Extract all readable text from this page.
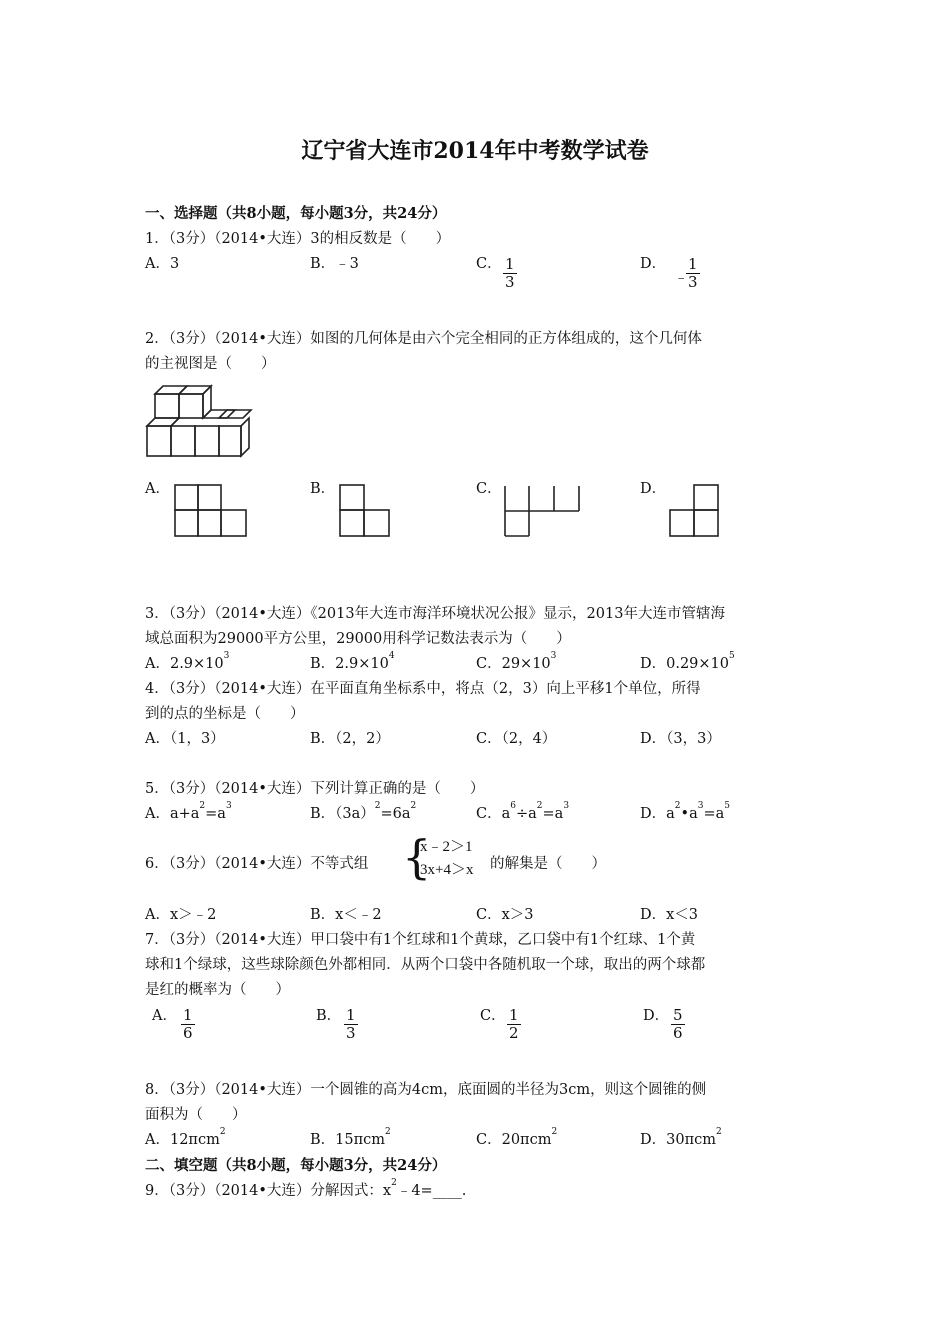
辽宁省大连市2014年中考数学试卷
一、选择题（共8小题，每小题3分，共24分）
1．（3分）（2014•大连）3的相反数是（　　）
A．3	B．﹣3	C． $\frac{1}{3}$	D．
﹣
$\frac{1}{3}$
2．（3分）（2014•大连）如图的几何体是由六个完全相同的正方体组成的，这个几何体
的主视图是（　　）
A．	B．	C．	D．
3．（3分）（2014•大连）《2013年大连市海洋环境状况公报》显示，2013年大连市管辖海
域总面积为29000平方公里，29000用科学记数法表示为（　　）
A．$2.9\times 10^3$	B．$2.9\times 10^4$	C．$29\times 10^3$	D．$0.29\times 10^5$
4．（3分）（2014•大连）在平面直角坐标系中，将点（2，3）向上平移1个单位，所得
到的点的坐标是（　　）
A．（1，3）	B．（2，2）	C．（2，4）	D．（3，3）
5．（3分）（2014•大连）下列计算正确的是（　　）
A．$a+a^2=a^3$	B．$(3a)^2=6a^2$	C．$a^6\div a^2=a^3$	D．$a^2•a^3=a^5$
6．（3分）（2014•大连）不等式组 {
x﹣2＞1
3x+4＞x 的解集是（　　）
A．x＞﹣2	B．x＜﹣2	C．x＞3	D．x＜3
7．（3分）（2014•大连）甲口袋中有1个红球和1个黄球，乙口袋中有1个红球、1个黄
球和1个绿球，这些球除颜色外都相同．从两个口袋中各随机取一个球，取出的两个球都
是红的概率为（　　）
A． $\frac{1}{6}$	B． $\frac{1}{3}$	C． $\frac{1}{2}$	D． $\frac{5}{6}$
8．（3分）（2014•大连）一个圆锥的高为4cm，底面圆的半径为3cm，则这个圆锥的侧
面积为（　　）
A．12πcm$^2$	B．15πcm$^2$	C．20πcm$^2$	D．30πcm$^2$
二、填空题（共8小题，每小题3分，共24分）
9．（3分）（2014•大连）分解因式：$x^2﹣4=\_\_\_\_$.
